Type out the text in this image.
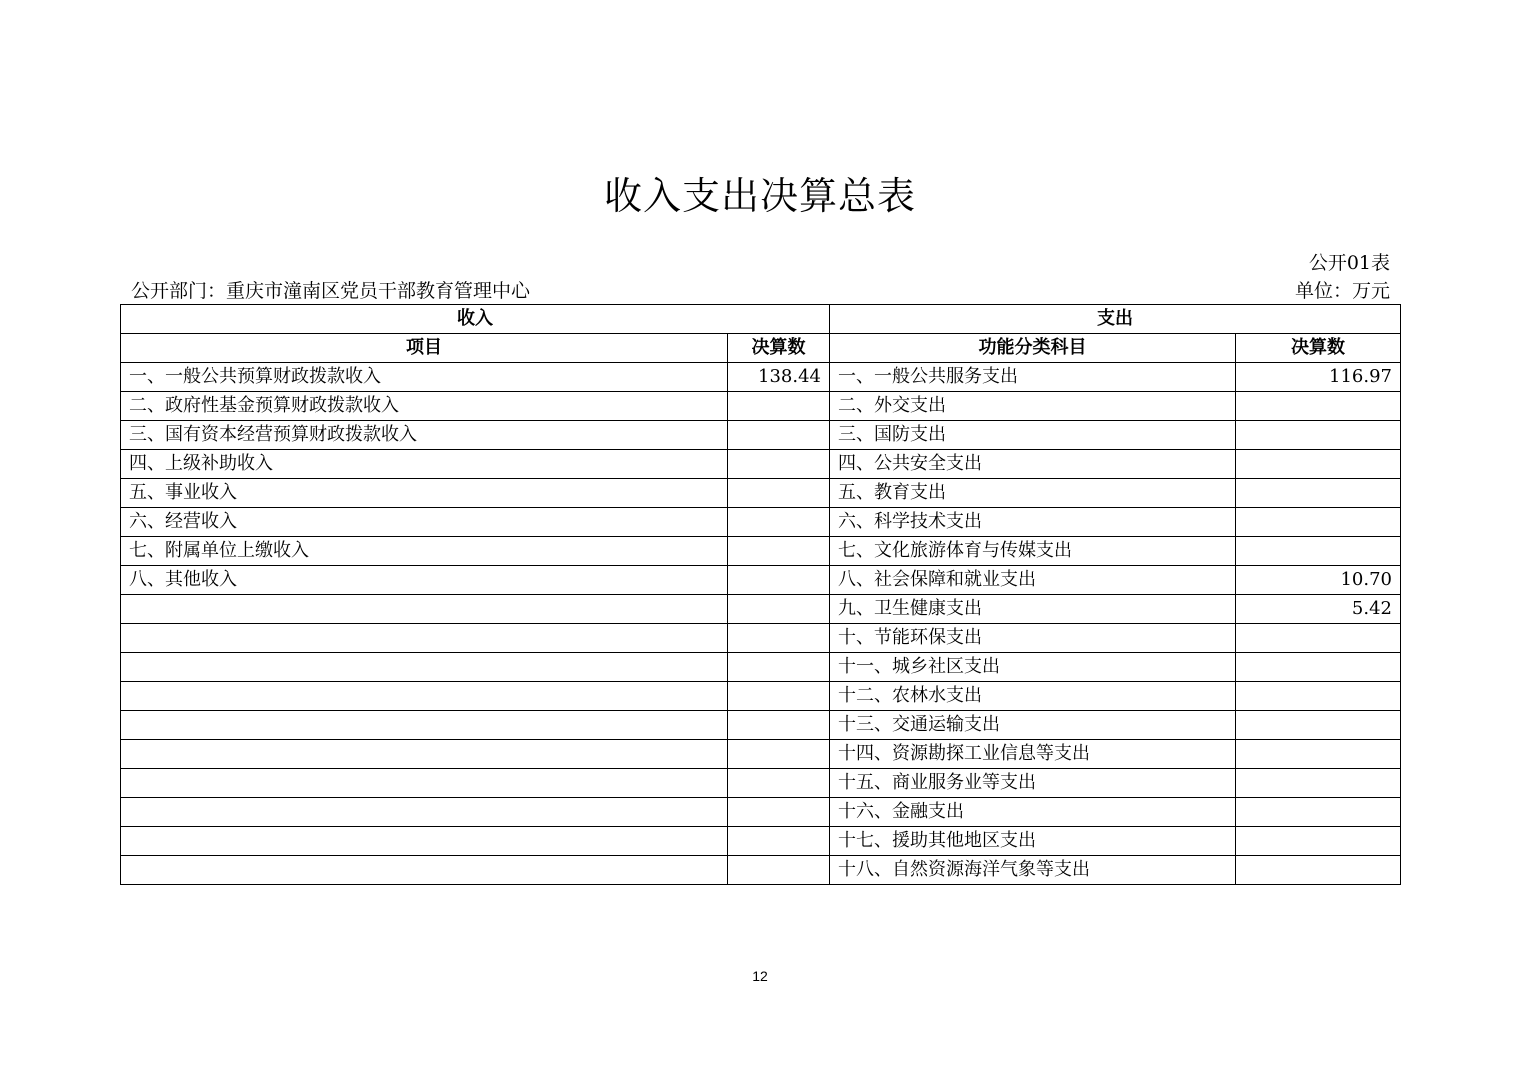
收入支出决算总表
公开01表
公开部门：重庆市潼南区党员干部教育管理中心	单位：万元
收入		支出	
项目	决算数	功能分类科目	决算数
一、一般公共预算财政拨款收入	138.44	一、一般公共服务支出	116.97
二、政府性基金预算财政拨款收入		二、外交支出	
三、国有资本经营预算财政拨款收入		三、国防支出	
四、上级补助收入		四、公共安全支出	
五、事业收入		五、教育支出	
六、经营收入		六、科学技术支出	
七、附属单位上缴收入		七、文化旅游体育与传媒支出	
八、其他收入		八、社会保障和就业支出	10.70
		九、卫生健康支出	5.42
		十、节能环保支出	
		十一、城乡社区支出	
		十二、农林水支出	
		十三、交通运输支出	
		十四、资源勘探工业信息等支出	
		十五、商业服务业等支出	
		十六、金融支出	
		十七、援助其他地区支出	
		十八、自然资源海洋气象等支出	
12
